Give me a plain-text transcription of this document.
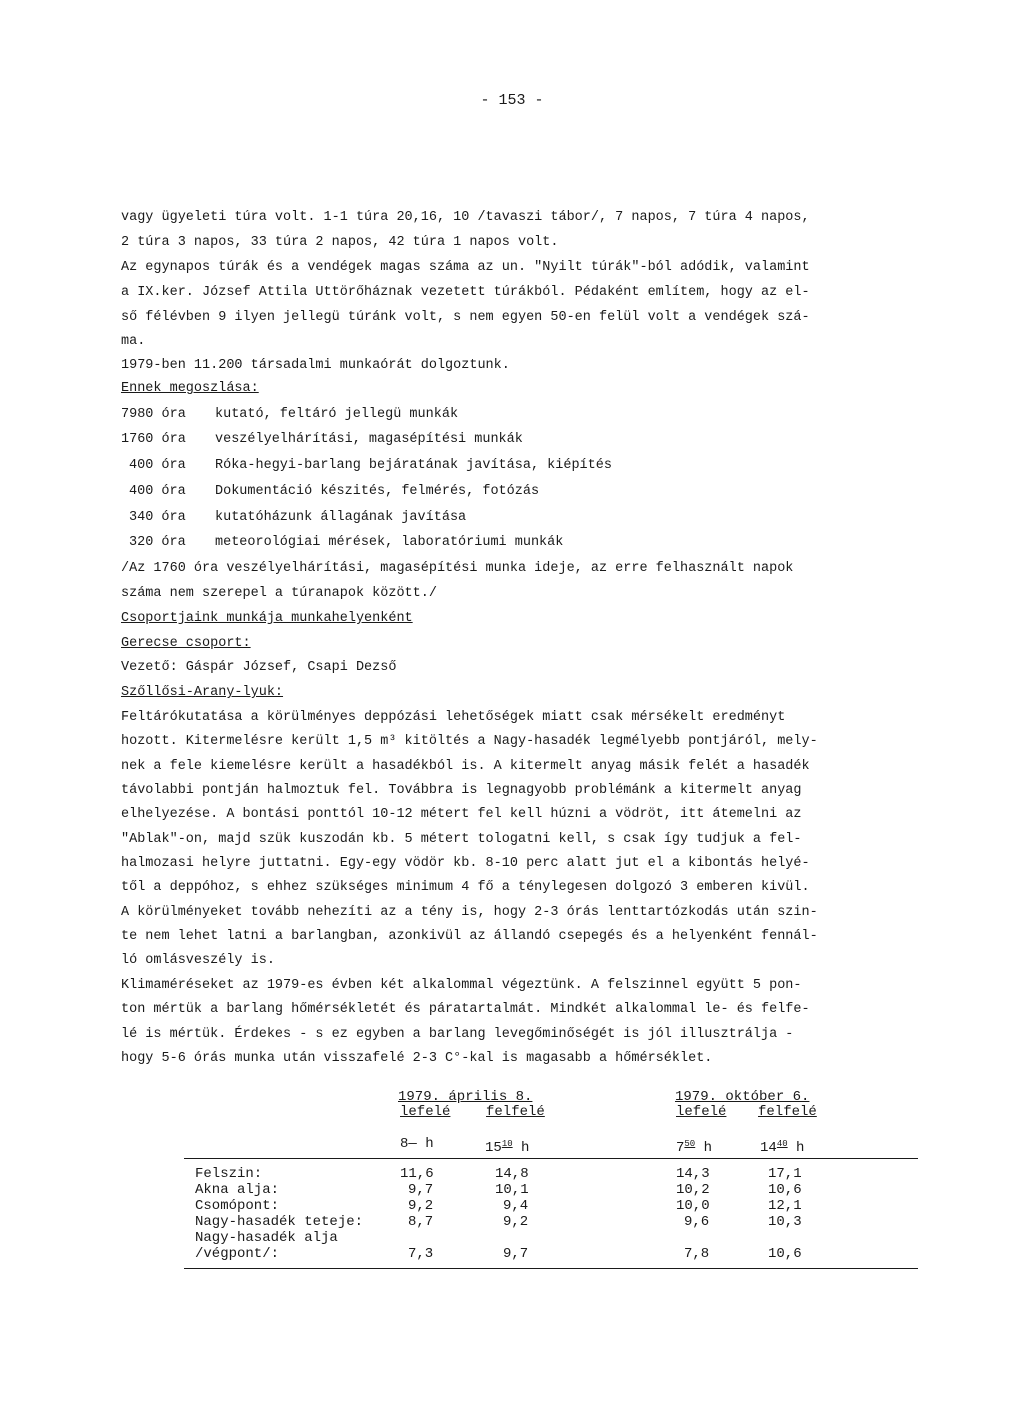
- 153 -
vagy ügyeleti túra volt. 1-1 túra 20,16, 10 /tavaszi tábor/, 7 napos, 7 túra 4 napos,
2 túra 3 napos, 33 túra 2 napos, 42 túra 1 napos volt.
Az egynapos túrák és a vendégek magas száma az un. "Nyilt túrák"-ból adódik, valamint
a IX.ker. József Attila Uttörőháznak vezetett túrákból. Pédaként említem, hogy az el-
ső félévben 9 ilyen jellegü túránk volt, s nem egyen 50-en felül volt a vendégek szá-
ma.
1979-ben 11.200 társadalmi munkaórát dolgoztunk.
Ennek megoszlása:
7980 óra kutató, feltáró jellegü munkák
1760 óra veszélyelhárítási, magasépítési munkák
400 óra Róka-hegyi-barlang bejáratának javítása, kiépítés
400 óra Dokumentáció készités, felmérés, fotózás
340 óra kutatóházunk állagának javítása
320 óra meteorológiai mérések, laboratóriumi munkák
/Az 1760 óra veszélyelhárítási, magasépítési munka ideje, az erre felhasznált napok
száma nem szerepel a túranapok között./
Csoportjaink munkája munkahelyenként
Gerecse csoport:
Vezető: Gáspár József, Csapi Dezső
Szőllősi-Arany-lyuk:
Feltárókutatása a körülményes deppózási lehetőségek miatt csak mérsékelt eredményt
hozott. Kitermelésre került 1,5 m³ kitöltés a Nagy-hasadék legmélyebb pontjáról, mely-
nek a fele kiemelésre került a hasadékból is. A kitermelt anyag másik felét a hasadék
távolabbi pontján halmoztuk fel. Továbbra is legnagyobb problémánk a kitermelt anyag
elhelyezése. A bontási ponttól 10-12 métert fel kell húzni a vödröt, itt átemelni az
"Ablak"-on, majd szük kuszodán kb. 5 métert tologatni kell, s csak így tudjuk a fel-
halmozasi helyre juttatni. Egy-egy vödör kb. 8-10 perc alatt jut el a kibontás helyé-
től a deppóhoz, s ehhez szükséges minimum 4 fő a ténylegesen dolgozó 3 emberen kivül.
A körülményeket tovább nehezíti az a tény is, hogy 2-3 órás lenttartózkodás után szin-
te nem lehet latni a barlangban, azonkivül az állandó csepegés és a helyenként fennál-
ló omlásveszély is.
Klimaméréseket az 1979-es évben két alkalommal végeztünk. A felszinnel együtt 5 pon-
ton mértük a barlang hőmérsékletét és páratartalmát. Mindkét alkalommal le- és felfe-
lé is mértük. Érdekes - s ez egyben a barlang levegőminőségét is jól illusztrálja -
hogy 5-6 órás munka után visszafelé 2-3 C°-kal is magasabb a hőmérséklet.
1979. április 8.	1979. október 6.
lefelé	felfelé	lefelé felfelé
8— h	$15^{10}$ h	$7^{50}$ h	$14^{40}$ h
Felszin:	11,6	14,8	14,3	17,1
Akna alja:	9,7	10,1	10,2	10,6
Csomópont:	9,2	9,4	10,0	12,1
Nagy-hasadék teteje:	8,7	9,2	9,6	10,3
Nagy-hasadék alja
/végpont/:	7,3	9,7	7,8	10,6
